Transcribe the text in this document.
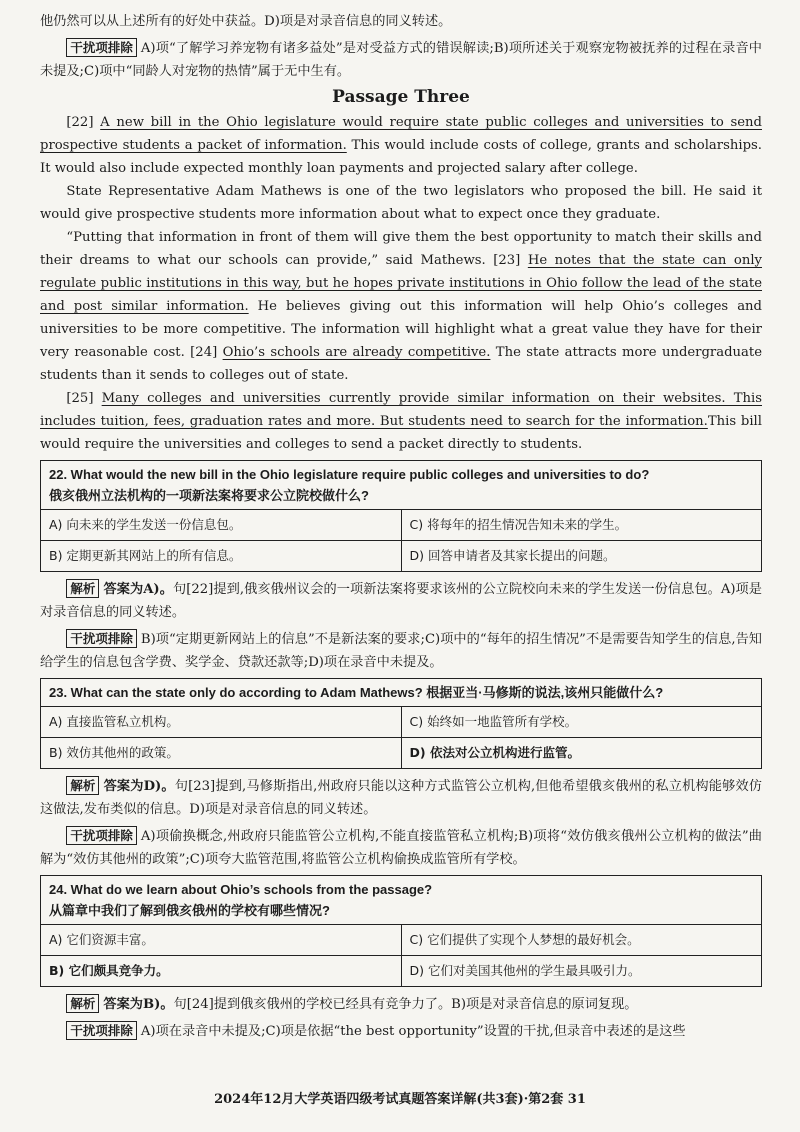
他仍然可以从上述所有的好处中获益。D)项是对录音信息的同义转述。

干扰项排除 A)项“了解学习养宠物有诸多益处”是对受益方式的错误解读;B)项所述关于观察宠物被抚养的过程在录音中未提及;C)项中“同龄人对宠物的热情”属于无中生有。

Passage Three

[22] A new bill in the Ohio legislature would require state public colleges and universities to send prospective students a packet of information. This would include costs of college, grants and scholarships. It would also include expected monthly loan payments and projected salary after college.

State Representative Adam Mathews is one of the two legislators who proposed the bill. He said it would give prospective students more information about what to expect once they graduate.

“Putting that information in front of them will give them the best opportunity to match their skills and their dreams to what our schools can provide,” said Mathews. [23] He notes that the state can only regulate public institutions in this way, but he hopes private institutions in Ohio follow the lead of the state and post similar information. He believes giving out this information will help Ohio’s colleges and universities to be more competitive. The information will highlight what a great value they have for their very reasonable cost. [24] Ohio’s schools are already competitive. The state attracts more undergraduate students than it sends to colleges out of state.

[25] Many colleges and universities currently provide similar information on their websites. This includes tuition, fees, graduation rates and more. But students need to search for the information.This bill would require the universities and colleges to send a packet directly to students.

22. What would the new bill in the Ohio legislature require public colleges and universities to do?
俄亥俄州立法机构的一项新法案将要求公立院校做什么?	

A) 向未来的学生发送一份信息包。	C) 将每年的招生情况告知未来的学生。
B) 定期更新其网站上的所有信息。	D) 回答申请者及其家长提出的问题。

解析 答案为A)。句[22]提到,俄亥俄州议会的一项新法案将要求该州的公立院校向未来的学生发送一份信息包。A)项是对录音信息的同义转述。

干扰项排除 B)项“定期更新网站上的信息”不是新法案的要求;C)项中的“每年的招生情况”不是需要告知学生的信息,告知给学生的信息包含学费、奖学金、贷款还款等;D)项在录音中未提及。

23. What can the state only do according to Adam Mathews? 根据亚当·马修斯的说法,该州只能做什么?	
A) 直接监管私立机构。	C) 始终如一地监管所有学校。
B) 效仿其他州的政策。	D) 依法对公立机构进行监管。

解析 答案为D)。句[23]提到,马修斯指出,州政府只能以这种方式监管公立机构,但他希望俄亥俄州的私立机构能够效仿这做法,发布类似的信息。D)项是对录音信息的同义转述。

干扰项排除 A)项偷换概念,州政府只能监管公立机构,不能直接监管私立机构;B)项将“效仿俄亥俄州公立机构的做法”曲解为“效仿其他州的政策”;C)项夸大监管范围,将监管公立机构偷换成监管所有学校。

24. What do we learn about Ohio’s schools from the passage?
从篇章中我们了解到俄亥俄州的学校有哪些情况?	

A) 它们资源丰富。	C) 它们提供了实现个人梦想的最好机会。
B) 它们颇具竞争力。	D) 它们对美国其他州的学生最具吸引力。

解析 答案为B)。句[24]提到俄亥俄州的学校已经具有竞争力了。B)项是对录音信息的原词复现。

干扰项排除 A)项在录音中未提及;C)项是依据“the best opportunity”设置的干扰,但录音中表述的是这些

2024年12月大学英语四级考试真题答案详解(共3套)·第2套 31
